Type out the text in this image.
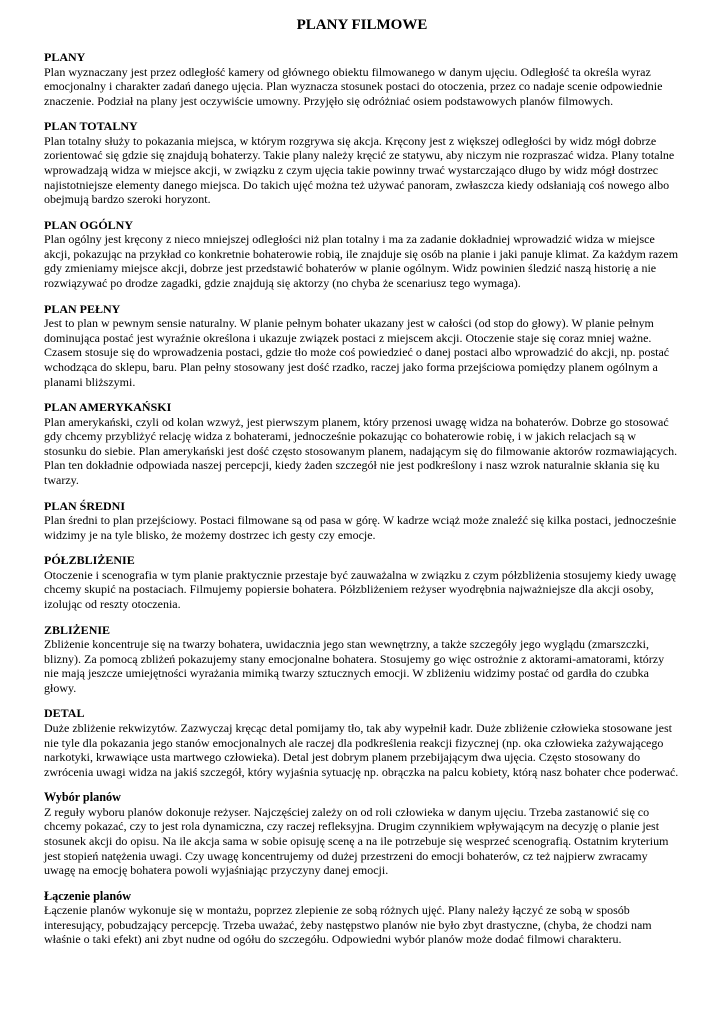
PLANY FILMOWE
PLANY
Plan wyznaczany jest przez odległość kamery od głównego obiektu filmowanego w danym ujęciu. Odległość ta określa wyraz emocjonalny i charakter zadań danego ujęcia. Plan wyznacza stosunek postaci do otoczenia, przez co nadaje scenie odpowiednie znaczenie. Podział na plany jest oczywiście umowny. Przyjęło się odróżniać osiem podstawowych planów filmowych.
PLAN TOTALNY
Plan totalny służy to pokazania miejsca, w którym rozgrywa się akcja. Kręcony jest z większej odległości by widz mógł dobrze zorientować się gdzie się znajdują bohaterzy. Takie plany należy kręcić ze statywu, aby niczym nie rozpraszać widza. Plany totalne wprowadzają widza w miejsce akcji, w związku z czym ujęcia takie powinny trwać wystarczająco długo by widz mógł dostrzec najistotniejsze elementy danego miejsca. Do takich ujęć można też używać panoram, zwłaszcza kiedy odsłaniają coś nowego albo obejmują bardzo szeroki horyzont.
PLAN OGÓLNY
Plan ogólny jest kręcony z nieco mniejszej odległości niż plan totalny i ma za zadanie dokładniej wprowadzić widza w miejsce akcji, pokazując na przykład co konkretnie bohaterowie robią, ile znajduje się osób na planie i jaki panuje klimat. Za każdym razem gdy zmieniamy miejsce akcji, dobrze jest przedstawić bohaterów w planie ogólnym. Widz powinien śledzić naszą historię a nie rozwiązywać po drodze zagadki, gdzie znajdują się aktorzy (no chyba że scenariusz tego wymaga).
PLAN PEŁNY
Jest to plan w pewnym sensie naturalny. W planie pełnym bohater ukazany jest w całości (od stop do głowy). W planie pełnym dominująca postać jest wyraźnie określona i ukazuje związek postaci z miejscem akcji. Otoczenie staje się coraz mniej ważne. Czasem stosuje się do wprowadzenia postaci, gdzie tło może coś powiedzieć o danej postaci albo wprowadzić do akcji, np. postać wchodząca do sklepu, baru. Plan pełny stosowany jest dość rzadko, raczej jako forma przejściowa pomiędzy planem ogólnym a planami bliższymi.
PLAN AMERYKAŃSKI
Plan amerykański, czyli od kolan wzwyż, jest pierwszym planem, który przenosi uwagę widza na bohaterów. Dobrze go stosować gdy chcemy przybliżyć relację widza z bohaterami, jednocześnie pokazując co bohaterowie robię, i w jakich relacjach są w stosunku do siebie. Plan amerykański jest dość często stosowanym planem, nadającym się do filmowanie aktorów rozmawiających. Plan ten dokładnie odpowiada naszej percepcji, kiedy żaden szczegół nie jest podkreślony i nasz wzrok naturalnie skłania się ku twarzy.
PLAN ŚREDNI
Plan średni to plan przejściowy. Postaci filmowane są od pasa w górę. W kadrze wciąż może znaleźć się kilka postaci, jednocześnie widzimy je na tyle blisko, że możemy dostrzec ich gesty czy emocje.
PÓŁZBLIŻENIE
Otoczenie i scenografia w tym planie praktycznie przestaje być zauważalna w związku z czym półzbliżenia stosujemy kiedy uwagę chcemy skupić na postaciach. Filmujemy popiersie bohatera. Półzbliżeniem reżyser wyodrębnia najważniejsze dla akcji osoby, izolując od reszty otoczenia.
ZBLIŻENIE
Zbliżenie koncentruje się na twarzy bohatera, uwidacznia jego stan wewnętrzny, a także szczegóły jego wyglądu (zmarszczki, blizny). Za pomocą zbliżeń pokazujemy stany emocjonalne bohatera. Stosujemy go więc ostrożnie z aktorami-amatorami, którzy nie mają jeszcze umiejętności wyrażania mimiką twarzy sztucznych emocji. W zbliżeniu widzimy postać od gardła do czubka głowy.
DETAL
Duże zbliżenie rekwizytów. Zazwyczaj kręcąc detal pomijamy tło, tak aby wypełnił kadr. Duże zbliżenie człowieka stosowane jest nie tyle dla pokazania jego stanów emocjonalnych ale raczej dla podkreślenia reakcji fizycznej (np. oka człowieka zażywającego narkotyki, krwawiące usta martwego człowieka). Detal jest dobrym planem przebijającym dwa ujęcia. Często stosowany do zwrócenia uwagi widza na jakiś szczegół, który wyjaśnia sytuację np. obrączka na palcu kobiety, którą nasz bohater chce poderwać.
Wybór planów
Z reguły wyboru planów dokonuje reżyser. Najczęściej zależy on od roli człowieka w danym ujęciu. Trzeba zastanowić się co chcemy pokazać, czy to jest rola dynamiczna, czy raczej refleksyjna. Drugim czynnikiem wpływającym na decyzję o planie jest stosunek akcji do opisu. Na ile akcja sama w sobie opisuję scenę a na ile potrzebuje się wesprzeć scenografią. Ostatnim kryterium jest stopień natężenia uwagi. Czy uwagę koncentrujemy od dużej przestrzeni do emocji bohaterów, cz też najpierw zwracamy uwagę na emocję bohatera powoli wyjaśniając przyczyny danej emocji.
Łączenie planów
Łączenie planów wykonuje się w montażu, poprzez zlepienie ze sobą różnych ujęć. Plany należy łączyć ze sobą w sposób interesujący, pobudzający percepcję. Trzeba uważać, żeby następstwo planów nie było zbyt drastyczne, (chyba, że chodzi nam właśnie o taki efekt) ani zbyt nudne od ogółu do szczegółu. Odpowiedni wybór planów może dodać filmowi charakteru.
